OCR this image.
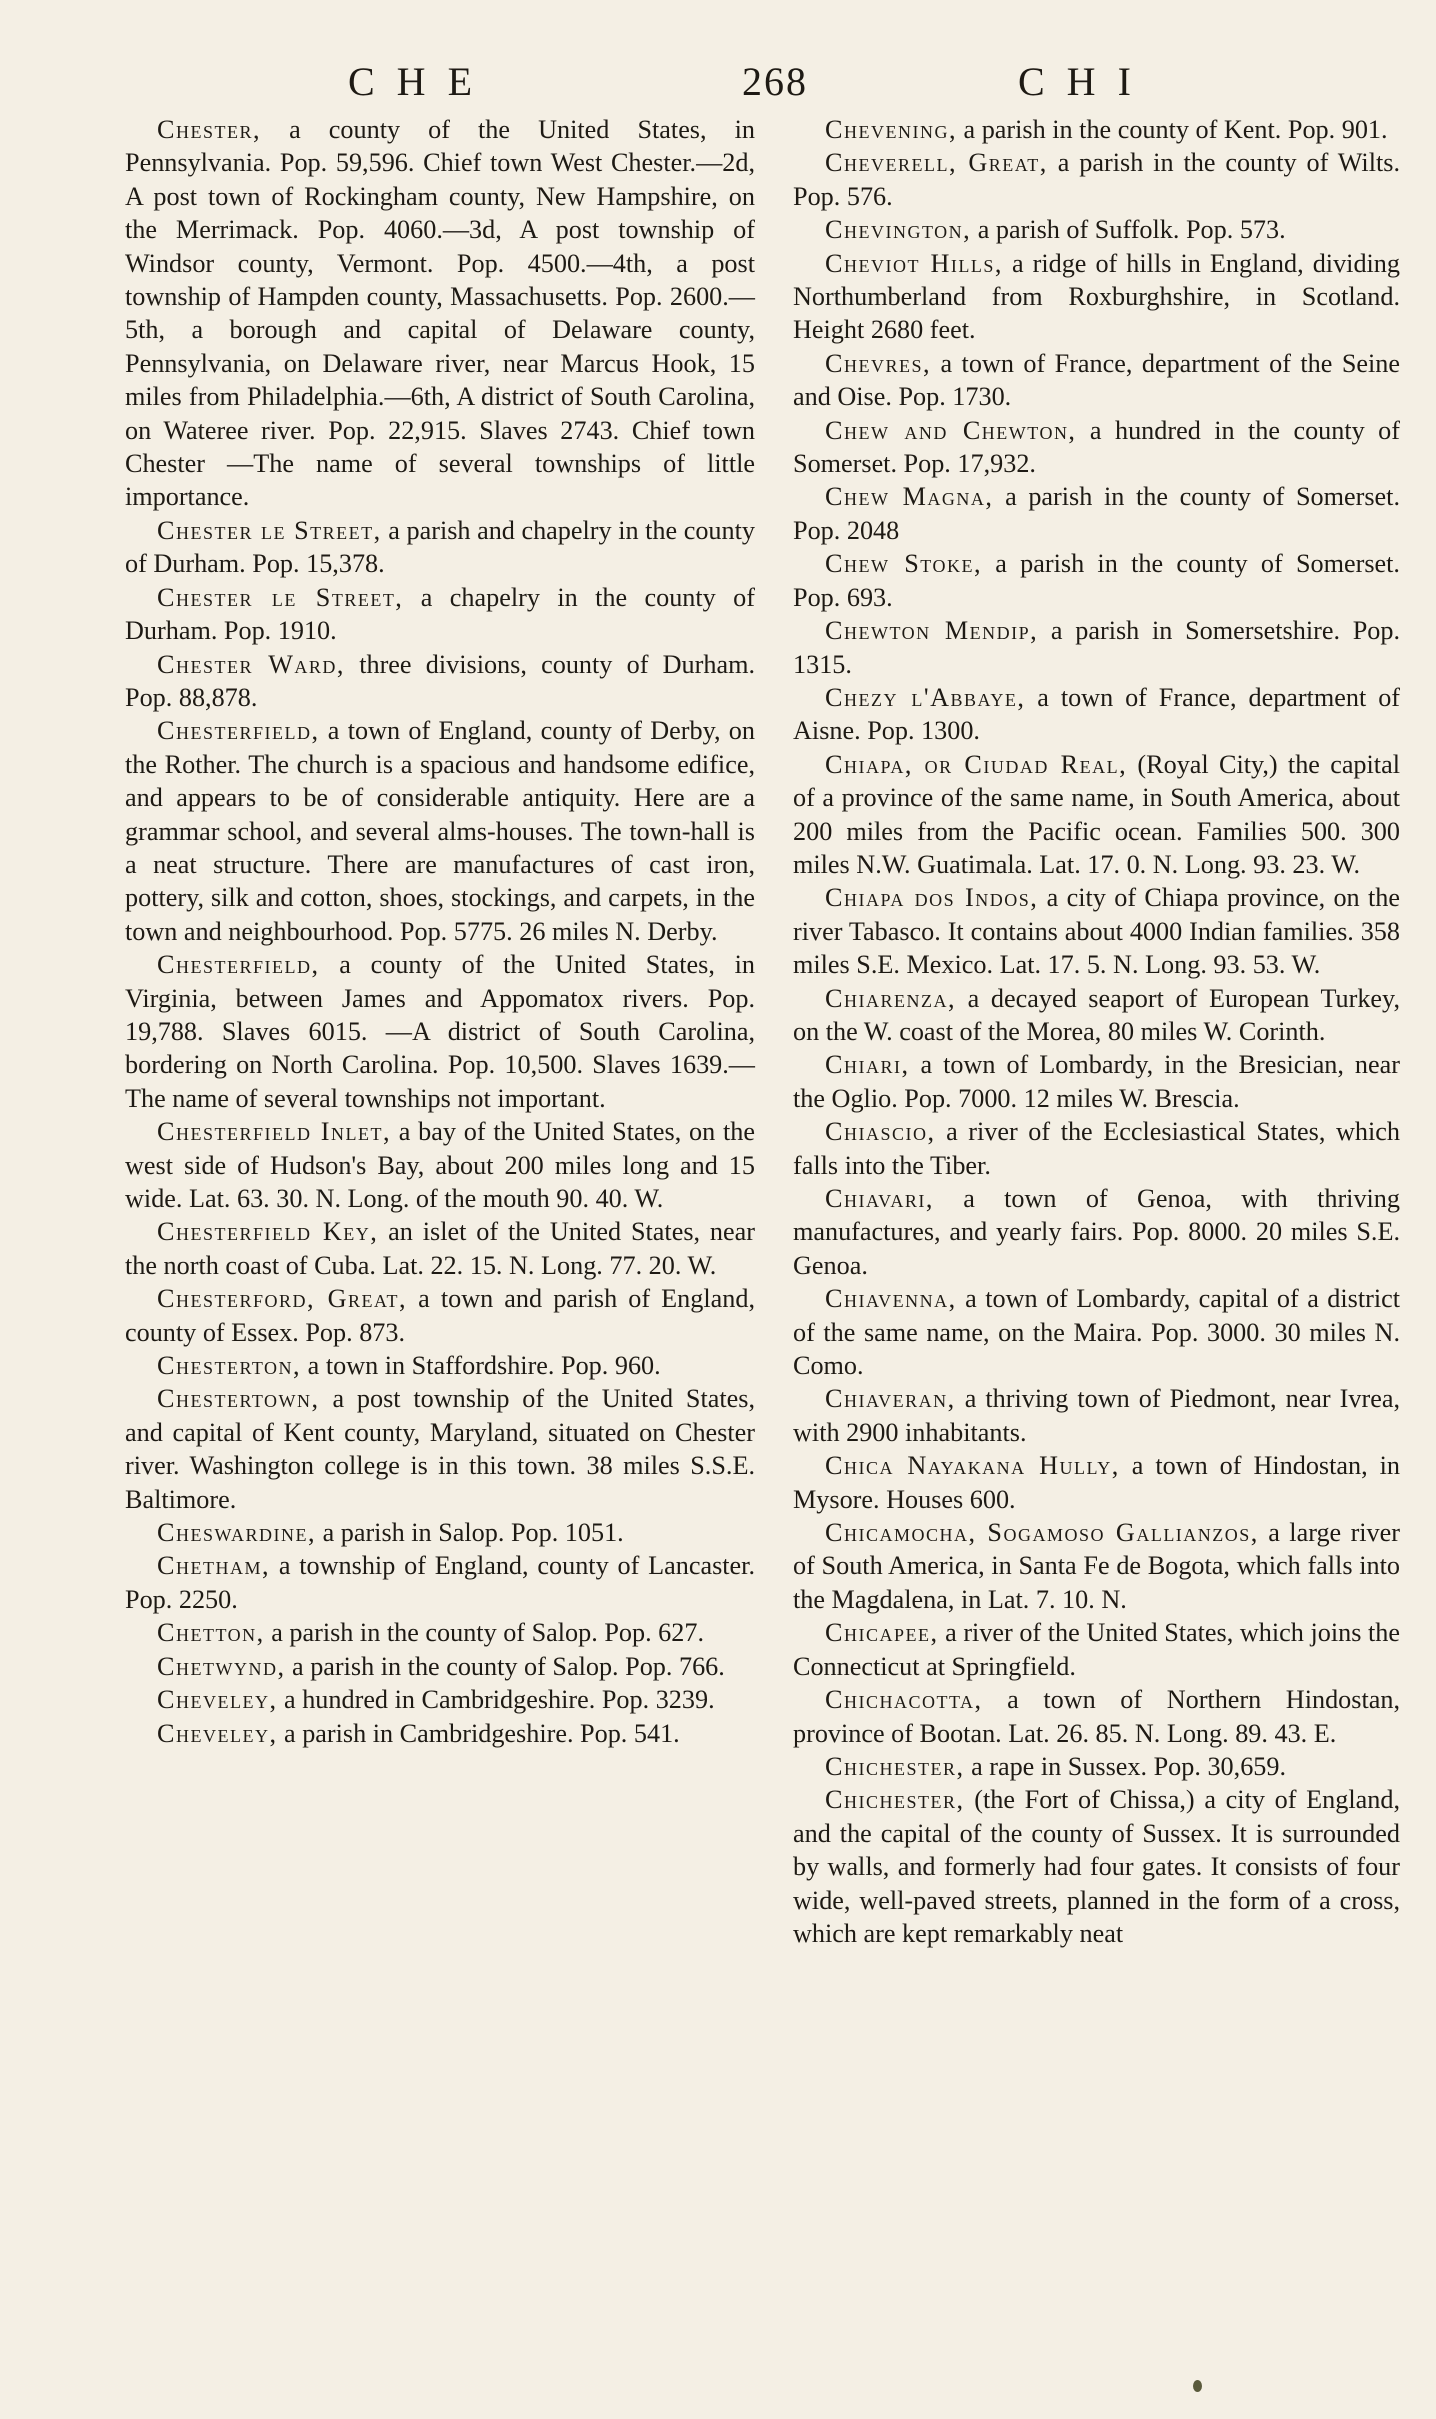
CHE	268	CHI

Chester, a county of the United States, in Pennsylvania. Pop. 59,596. Chief town West Chester.—2d, A post town of Rockingham county, New Hampshire, on the Merrimack. Pop. 4060.—3d, A post township of Windsor county, Vermont. Pop. 4500.—4th, a post township of Hampden county, Massachusetts. Pop. 2600.—5th, a borough and capital of Delaware county, Pennsylvania, on Delaware river, near Marcus Hook, 15 miles from Philadelphia.—6th, A district of South Carolina, on Wateree river. Pop. 22,915. Slaves 2743. Chief town Chester —The name of several townships of little importance.

Chester le Street, a parish and chapelry in the county of Durham. Pop. 15,378.

Chester le Street, a chapelry in the county of Durham. Pop. 1910.

Chester Ward, three divisions, county of Durham. Pop. 88,878.

Chesterfield, a town of England, county of Derby, on the Rother. The church is a spacious and handsome edifice, and appears to be of considerable antiquity. Here are a grammar school, and several alms-houses. The town-hall is a neat structure. There are manufactures of cast iron, pottery, silk and cotton, shoes, stockings, and carpets, in the town and neighbourhood. Pop. 5775. 26 miles N. Derby.

Chesterfield, a county of the United States, in Virginia, between James and Appomatox rivers. Pop. 19,788. Slaves 6015. —A district of South Carolina, bordering on North Carolina. Pop. 10,500. Slaves 1639.—The name of several townships not important.

Chesterfield Inlet, a bay of the United States, on the west side of Hudson's Bay, about 200 miles long and 15 wide. Lat. 63. 30. N. Long. of the mouth 90. 40. W.

Chesterfield Key, an islet of the United States, near the north coast of Cuba. Lat. 22. 15. N. Long. 77. 20. W.

Chesterford, Great, a town and parish of England, county of Essex. Pop. 873.

Chesterton, a town in Staffordshire. Pop. 960.

Chestertown, a post township of the United States, and capital of Kent county, Maryland, situated on Chester river. Washington college is in this town. 38 miles S.S.E. Baltimore.

Cheswardine, a parish in Salop. Pop. 1051.

Chetham, a township of England, county of Lancaster. Pop. 2250.

Chetton, a parish in the county of Salop. Pop. 627.

Chetwynd, a parish in the county of Salop. Pop. 766.

Cheveley, a hundred in Cambridgeshire. Pop. 3239.

Cheveley, a parish in Cambridgeshire. Pop. 541.

Chevening, a parish in the county of Kent. Pop. 901.

Cheverell, Great, a parish in the county of Wilts. Pop. 576.

Chevington, a parish of Suffolk. Pop. 573.

Cheviot Hills, a ridge of hills in England, dividing Northumberland from Roxburghshire, in Scotland. Height 2680 feet.

Chevres, a town of France, department of the Seine and Oise. Pop. 1730.

Chew and Chewton, a hundred in the county of Somerset. Pop. 17,932.

Chew Magna, a parish in the county of Somerset. Pop. 2048

Chew Stoke, a parish in the county of Somerset. Pop. 693.

Chewton Mendip, a parish in Somersetshire. Pop. 1315.

Chezy l'Abbaye, a town of France, department of Aisne. Pop. 1300.

Chiapa, or Ciudad Real, (Royal City,) the capital of a province of the same name, in South America, about 200 miles from the Pacific ocean. Families 500. 300 miles N.W. Guatimala. Lat. 17. 0. N. Long. 93. 23. W.

Chiapa dos Indos, a city of Chiapa province, on the river Tabasco. It contains about 4000 Indian families. 358 miles S.E. Mexico. Lat. 17. 5. N. Long. 93. 53. W.

Chiarenza, a decayed seaport of European Turkey, on the W. coast of the Morea, 80 miles W. Corinth.

Chiari, a town of Lombardy, in the Bresician, near the Oglio. Pop. 7000. 12 miles W. Brescia.

Chiascio, a river of the Ecclesiastical States, which falls into the Tiber.

Chiavari, a town of Genoa, with thriving manufactures, and yearly fairs. Pop. 8000. 20 miles S.E. Genoa.

Chiavenna, a town of Lombardy, capital of a district of the same name, on the Maira. Pop. 3000. 30 miles N. Como.

Chiaveran, a thriving town of Piedmont, near Ivrea, with 2900 inhabitants.

Chica Nayakana Hully, a town of Hindostan, in Mysore. Houses 600.

Chicamocha, Sogamoso Gallianzos, a large river of South America, in Santa Fe de Bogota, which falls into the Magdalena, in Lat. 7. 10. N.

Chicapee, a river of the United States, which joins the Connecticut at Springfield.

Chichacotta, a town of Northern Hindostan, province of Bootan. Lat. 26. 85. N. Long. 89. 43. E.

Chichester, a rape in Sussex. Pop. 30,659.

Chichester, (the Fort of Chissa,) a city of England, and the capital of the county of Sussex. It is surrounded by walls, and formerly had four gates. It consists of four wide, well-paved streets, planned in the form of a cross, which are kept remarkably neat
